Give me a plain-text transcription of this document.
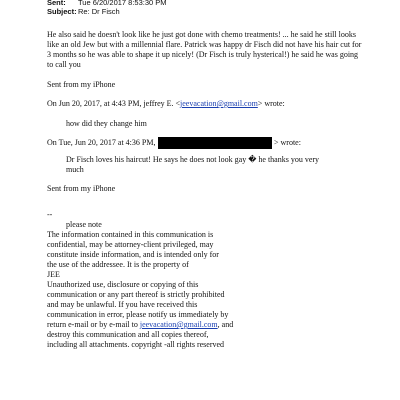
Sent: Tue 6/20/2017 8:53:30 PM
Subject:Re: Dr Fisch
He also said he doesn't look like he just got done with chemo treatments! ... he said he still looks
like an old Jew but with a millennial flare. Patrick was happy dr Fisch did not have his hair cut for
3 months so he was able to shape it up nicely! (Dr Fisch is truly hysterical!) he said he was going
to call you
Sent from my iPhone
On Jun 20, 2017, at 4:43 PM, jeffrey E. <jeevacation@gmail.com> wrote:
how did they change him
On Tue, Jun 20, 2017 at 4:36 PM,	> wrote:
Dr Fisch loves his haircut! He says he does not look gay � he thanks you very
much
Sent from my iPhone
--
please note
The information contained in this communication is
confidential, may be attorney-client privileged, may
constitute inside information, and is intended only for
the use of the addressee. It is the property of
JEE
Unauthorized use, disclosure or copying of this
communication or any part thereof is strictly prohibited
and may be unlawful. If you have received this
communication in error, please notify us immediately by
return e-mail or by e-mail to jeevacation@gmail.com, and
destroy this communication and all copies thereof,
including all attachments. copyright -all rights reserved
